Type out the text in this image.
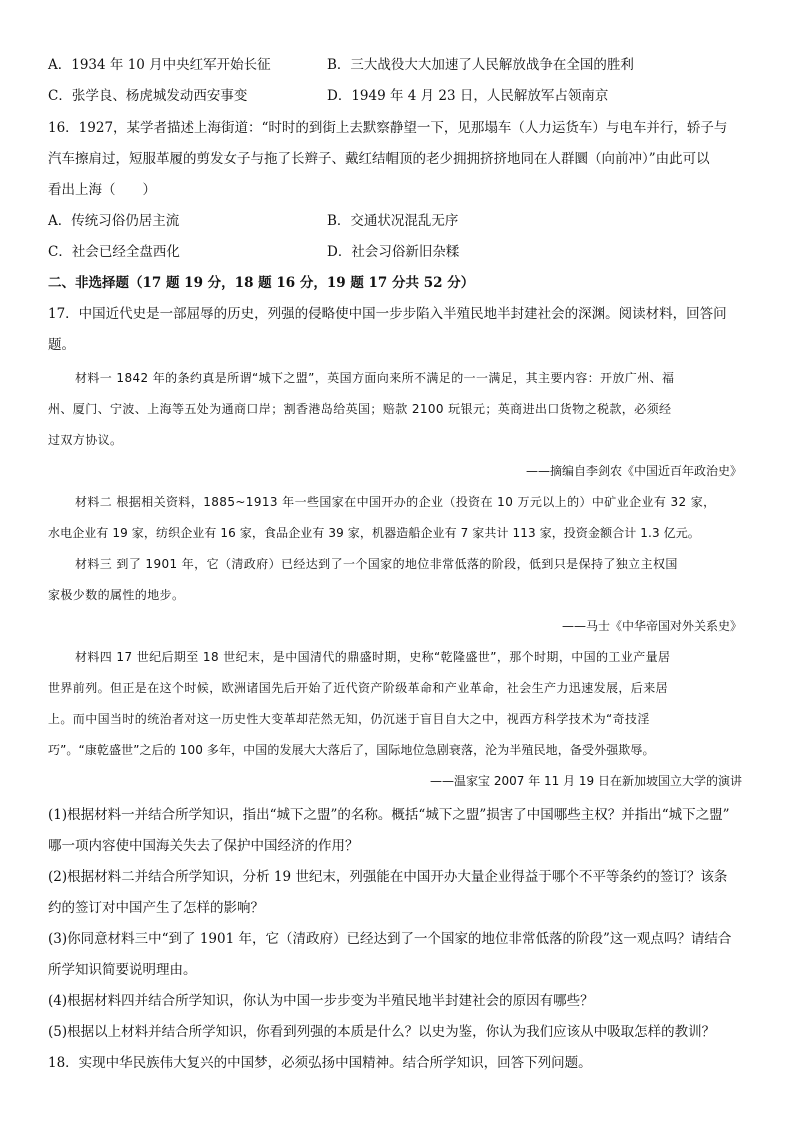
A．1934 年 10 月中央红军开始长征	B．三大战役大大加速了人民解放战争在全国的胜利
C．张学良、杨虎城发动西安事变	D．1949 年 4 月 23 日，人民解放军占领南京
16．1927，某学者描述上海街道：“时时的到街上去默察静望一下，见那塌车（人力运货车）与电车并行，轿子与
汽车擦肩过，短服革履的剪发女子与拖了长辫子、戴红结帽顶的老少拥拥挤挤地同在人群圜（向前冲）”由此可以
看出上海（　　）
A．传统习俗仍居主流	B．交通状况混乱无序
C．社会已经全盘西化	D．社会习俗新旧杂糅
二、非选择题（17 题 19 分，18 题 16 分，19 题 17 分共 52 分）
17．中国近代史是一部屈辱的历史，列强的侵略使中国一步步陷入半殖民地半封建社会的深渊。阅读材料，回答问
题。
材料一 1842 年的条约真是所谓“城下之盟”，英国方面向来所不满足的一一满足，其主要内容：开放广州、福
州、厦门、宁波、上海等五处为通商口岸；割香港岛给英国；赔款 2100 玩银元；英商进出口货物之税款，必须经
过双方协议。
——摘编自李剑农《中国近百年政治史》
材料二 根据相关资料，1885~1913 年一些国家在中国开办的企业（投资在 10 万元以上的）中矿业企业有 32 家，
水电企业有 19 家，纺织企业有 16 家，食品企业有 39 家，机器造船企业有 7 家共计 113 家，投资金额合计 1.3 亿元。
材料三 到了 1901 年，它（清政府）已经达到了一个国家的地位非常低落的阶段，低到只是保持了独立主权国
家极少数的属性的地步。
——马士《中华帝国对外关系史》
材料四 17 世纪后期至 18 世纪末，是中国清代的鼎盛时期，史称“乾隆盛世”，那个时期，中国的工业产量居
世界前列。但正是在这个时候，欧洲诸国先后开始了近代资产阶级革命和产业革命，社会生产力迅速发展，后来居
上。而中国当时的统治者对这一历史性大变革却茫然无知，仍沉迷于盲目自大之中，视西方科学技术为“奇技淫
巧”。“康乾盛世”之后的 100 多年，中国的发展大大落后了，国际地位急剧衰落，沦为半殖民地，备受外强欺辱。
——温家宝 2007 年 11 月 19 日在新加坡国立大学的演讲
(1)根据材料一并结合所学知识，指出“城下之盟”的名称。概括“城下之盟”损害了中国哪些主权？并指出“城下之盟”
哪一项内容使中国海关失去了保护中国经济的作用？
(2)根据材料二并结合所学知识，分析 19 世纪末，列强能在中国开办大量企业得益于哪个不平等条约的签订？该条
约的签订对中国产生了怎样的影响？
(3)你同意材料三中“到了 1901 年，它（清政府）已经达到了一个国家的地位非常低落的阶段”这一观点吗？请结合
所学知识简要说明理由。
(4)根据材料四并结合所学知识，你认为中国一步步变为半殖民地半封建社会的原因有哪些？
(5)根据以上材料并结合所学知识，你看到列强的本质是什么？以史为鉴，你认为我们应该从中吸取怎样的教训？
18．实现中华民族伟大复兴的中国梦，必须弘扬中国精神。结合所学知识，回答下列问题。
